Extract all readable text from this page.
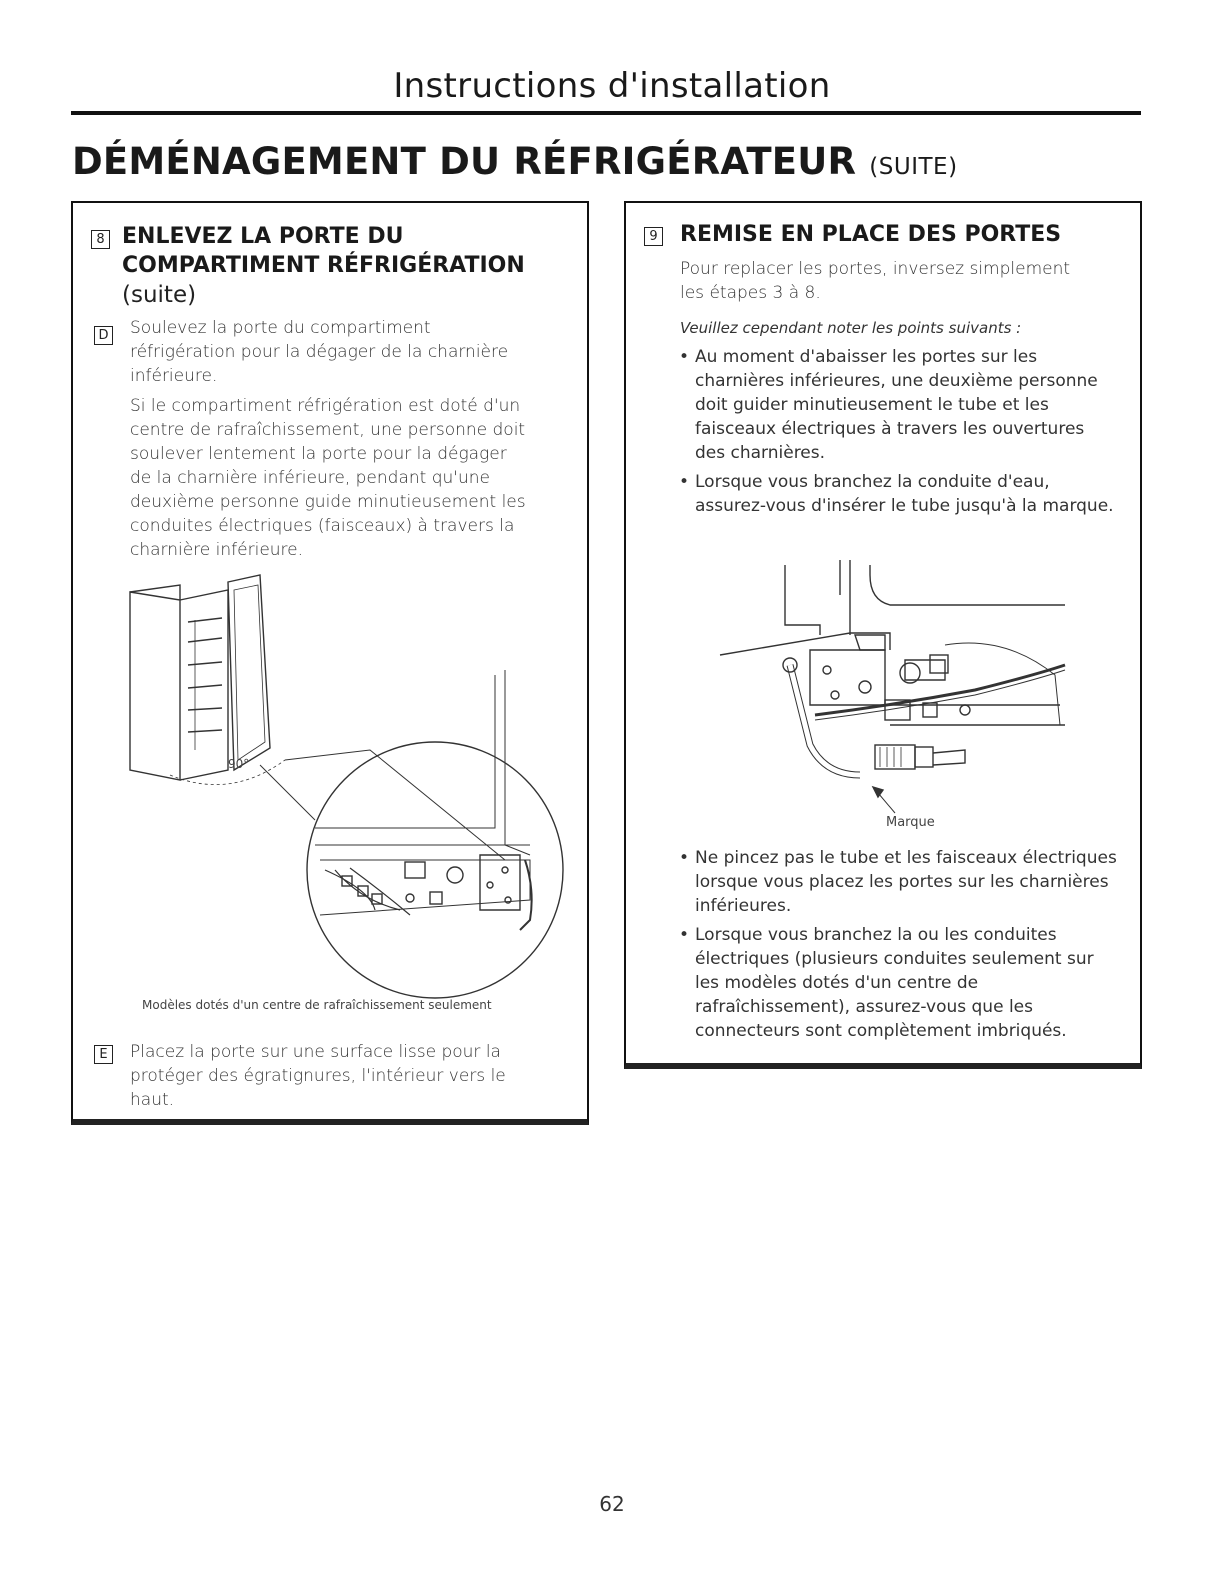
Instructions d'installation
DÉMÉNAGEMENT DU RÉFRIGÉRATEUR (SUITE)
8 ENLEVEZ LA PORTE DU
COMPARTIMENT RÉFRIGÉRATION
(suite)
D Soulevez la porte du compartiment
réfrigération pour la dégager de la charnière
inférieure.
Si le compartiment réfrigération est doté d'un
centre de rafraîchissement, une personne doit
soulever lentement la porte pour la dégager
de la charnière inférieure, pendant qu'une
deuxième personne guide minutieusement les
conduites électriques (faisceaux) à travers la
charnière inférieure.
90°
Modèles dotés d'un centre de rafraîchissement seulement
E	Placez la porte sur une surface lisse pour la
protéger des égratignures, l'intérieur vers le
haut.
9 REMISE EN PLACE DES PORTES
Pour replacer les portes, inversez simplement
les étapes 3 à 8.
Veuillez cependant noter les points suivants :
• Au moment d'abaisser les portes sur les charnières inférieures, une deuxième personne doit guider minutieusement le tube et les faisceaux électriques à travers les ouvertures des charnières.
• Lorsque vous branchez la conduite d'eau, assurez-vous d'insérer le tube jusqu'à la marque.
Marque
• Ne pincez pas le tube et les faisceaux électriques lorsque vous placez les portes sur les charnières inférieures.
• Lorsque vous branchez la ou les conduites électriques (plusieurs conduites seulement sur les modèles dotés d'un centre de rafraîchissement), assurez-vous que les connecteurs sont complètement imbriqués.
62
